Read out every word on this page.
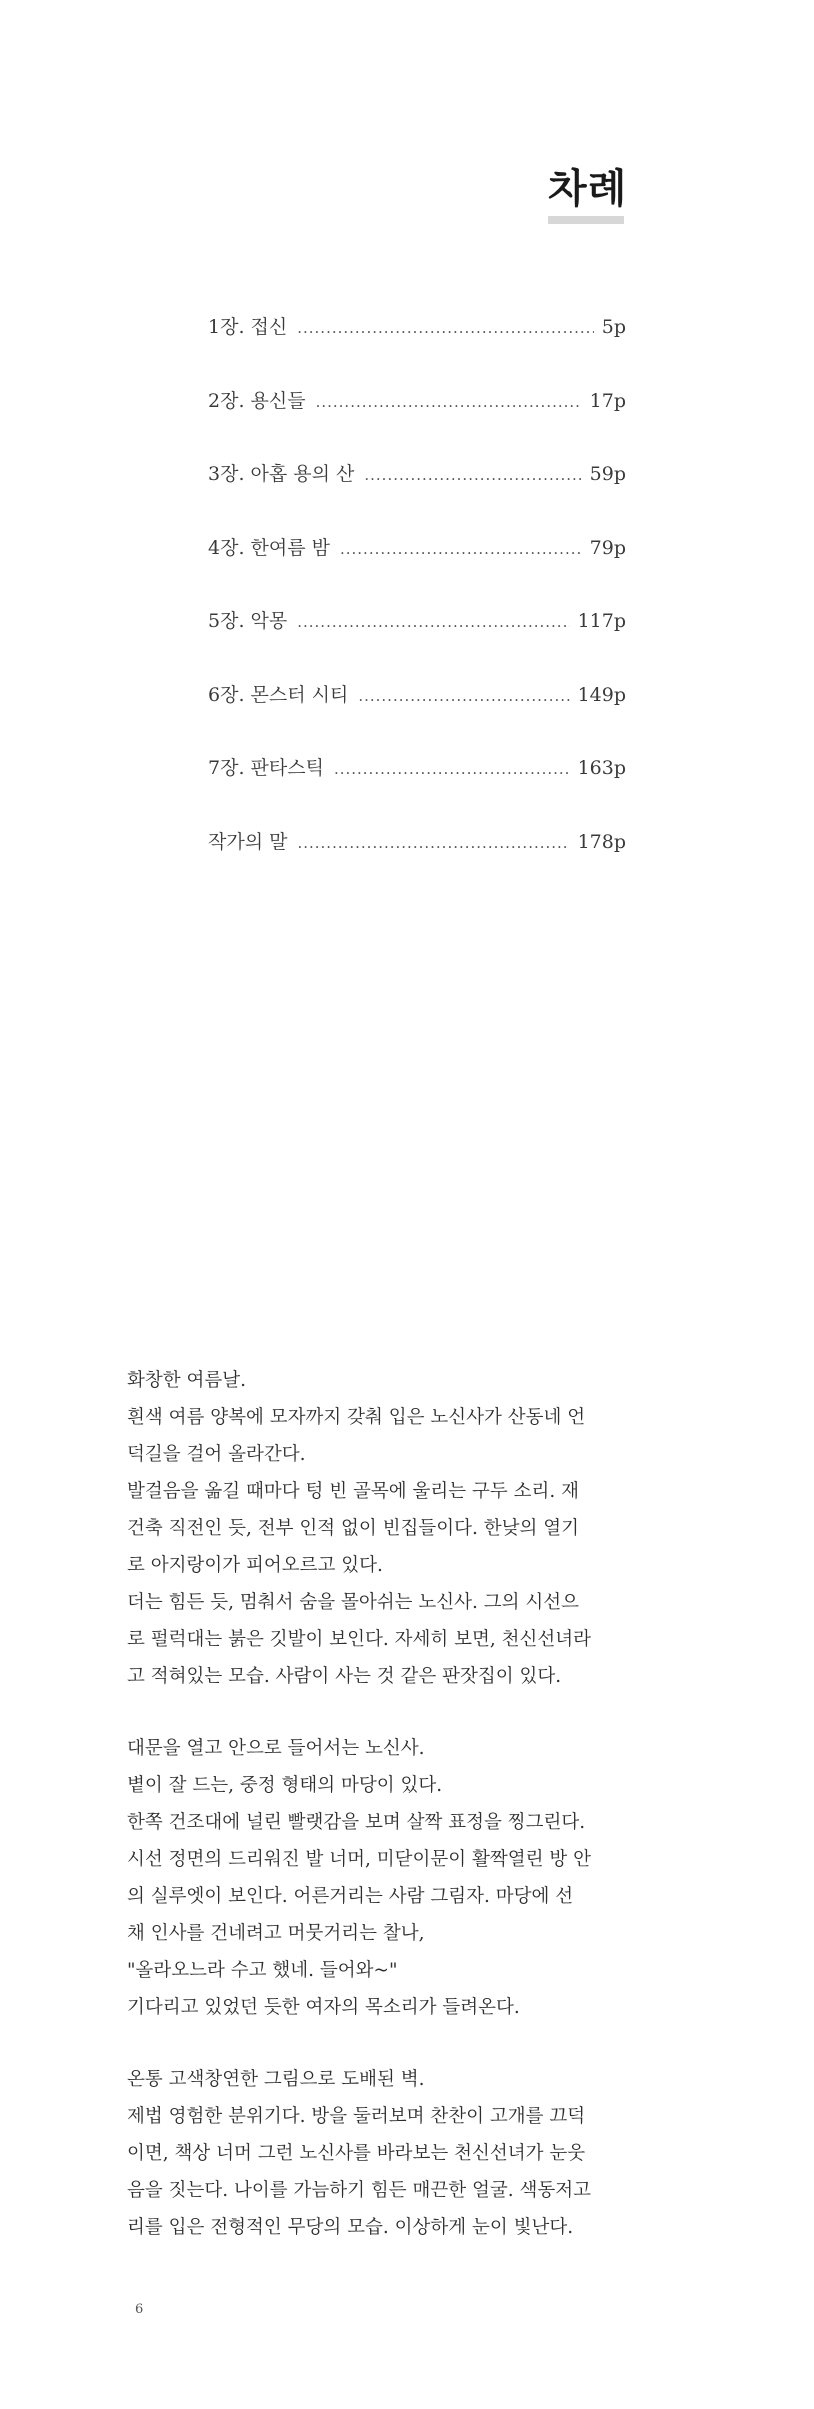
차례
1장. 접신 .....	5p
2장. 용신들 .....	17p
3장. 아홉 용의 산 .....	59p
4장. 한여름 밤 .....	79p
5장. 악몽 .....	117p
6장. 몬스터 시티 .....	149p
7장. 판타스틱 .....	163p
작가의 말 .....	178p
화창한 여름날.
흰색 여름 양복에 모자까지 갖춰 입은 노신사가 산동네 언
덕길을 걸어 올라간다.
발걸음을 옮길 때마다 텅 빈 골목에 울리는 구두 소리. 재
건축 직전인 듯, 전부 인적 없이 빈집들이다. 한낮의 열기
로 아지랑이가 피어오르고 있다.
더는 힘든 듯, 멈춰서 숨을 몰아쉬는 노신사. 그의 시선으
로 펄럭대는 붉은 깃발이 보인다. 자세히 보면, 천신선녀라
고 적혀있는 모습. 사람이 사는 것 같은 판잣집이 있다.
대문을 열고 안으로 들어서는 노신사.
볕이 잘 드는, 중정 형태의 마당이 있다.
한쪽 건조대에 널린 빨랫감을 보며 살짝 표정을 찡그린다.
시선 정면의 드리워진 발 너머, 미닫이문이 활짝열린 방 안
의 실루엣이 보인다. 어른거리는 사람 그림자. 마당에 선
채 인사를 건네려고 머뭇거리는 찰나,
"올라오느라 수고 했네. 들어와~"
기다리고 있었던 듯한 여자의 목소리가 들려온다.
온통 고색창연한 그림으로 도배된 벽.
제법 영험한 분위기다. 방을 둘러보며 찬찬이 고개를 끄덕
이면, 책상 너머 그런 노신사를 바라보는 천신선녀가 눈웃
음을 짓는다. 나이를 가늠하기 힘든 매끈한 얼굴. 색동저고
리를 입은 전형적인 무당의 모습. 이상하게 눈이 빛난다.
6
